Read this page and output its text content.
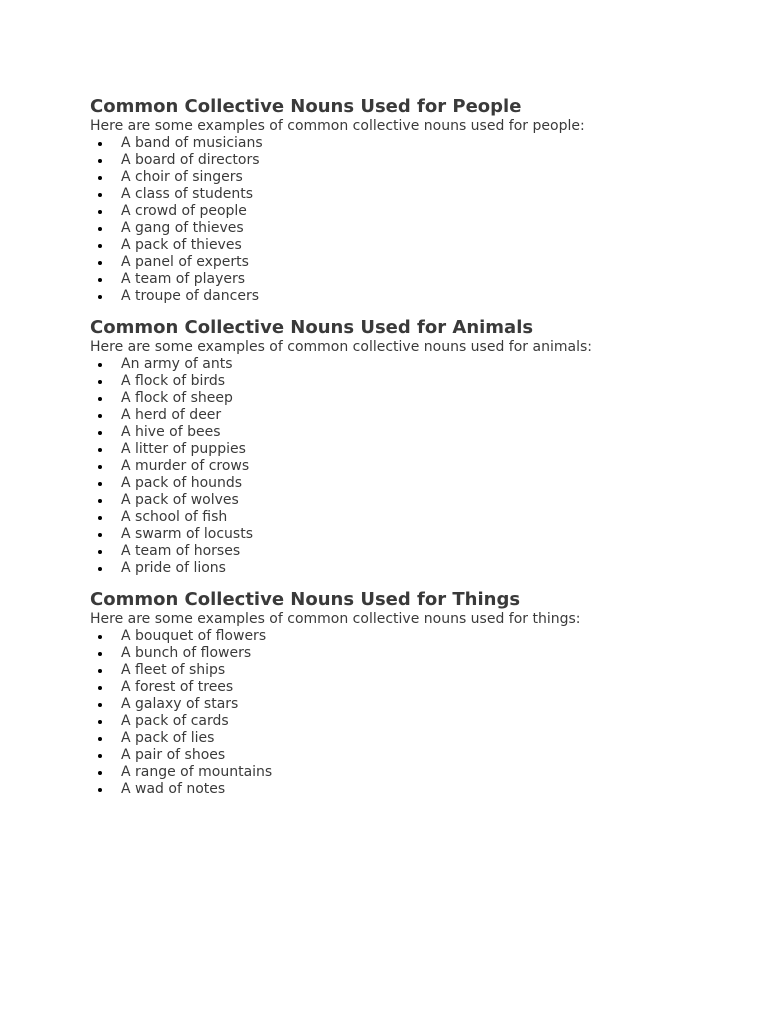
Common Collective Nouns Used for People

Here are some examples of common collective nouns used for people:

A band of musicians
A board of directors
A choir of singers
A class of students
A crowd of people
A gang of thieves
A pack of thieves
A panel of experts
A team of players
A troupe of dancers
Common Collective Nouns Used for Animals

Here are some examples of common collective nouns used for animals:

An army of ants
A flock of birds
A flock of sheep
A herd of deer
A hive of bees
A litter of puppies
A murder of crows
A pack of hounds
A pack of wolves
A school of fish
A swarm of locusts
A team of horses
A pride of lions
Common Collective Nouns Used for Things

Here are some examples of common collective nouns used for things:

A bouquet of flowers
A bunch of flowers
A fleet of ships
A forest of trees
A galaxy of stars
A pack of cards
A pack of lies
A pair of shoes
A range of mountains
A wad of notes
